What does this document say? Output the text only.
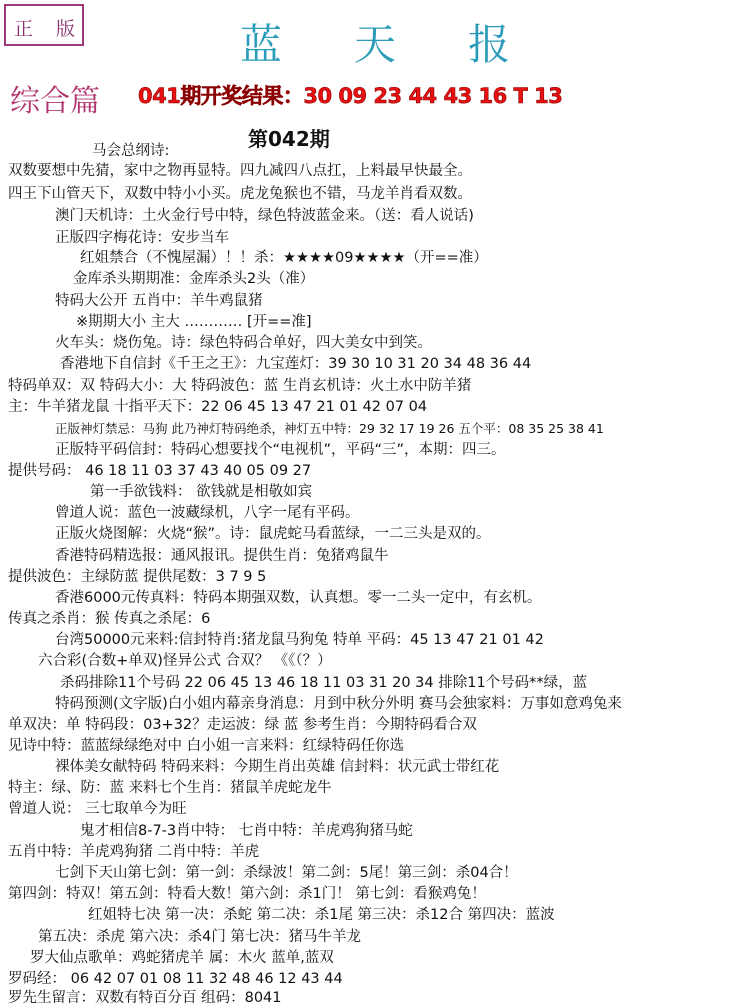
正 版	蓝 天 报
综合篇 041期开奖结果：30 09 23 44 43 16 T 13
马会总纲诗:	第042期
双数要想中先猜，家中之物再显特。四九减四八点扛，上料最早快最全。
四王下山管天下，双数中特小小买。虎龙兔猴也不错，马龙羊肖看双数。
澳门天机诗：土火金行号中特，绿色特波蓝金来。（送：看人说话)
正版四字梅花诗：安步当车
红姐禁合（不愧屋漏）！！杀：★★★★09★★★★（开==准）
金库杀头期期准：金库杀头2头（准）
特码大公开 五肖中：羊牛鸡鼠猪
※期期大小 主大 ………… [开==准]
火车头：烧伤兔。诗：绿色特码合单好，四大美女中到笑。
香港地下自信封《千王之王》：九宝莲灯：39 30 10 31 20 34 48 36 44
特码单双：双 特码大小：大 特码波色：蓝 生肖玄机诗：火土水中防羊猪
主：牛羊猪龙鼠 十指平天下：22 06 45 13 47 21 01 42 07 04
正版神灯禁忌：马狗 此乃神灯特码绝杀，神灯五中特：29 32 17 19 26 五个平：08 35 25 38 41
正版特平码信封：特码心想要找个“电视机”，平码“三”，本期：四三。
提供号码： 46 18 11 03 37 43 40 05 09 27
第一手欲钱料： 欲钱就是相敬如宾
曾道人说：蓝色一波藏绿机，八字一尾有平码。
正版火烧图解：火烧“猴”。诗：鼠虎蛇马看蓝绿，一二三头是双的。
香港特码精选报：通风报讯。提供生肖：兔猪鸡鼠牛
提供波色：主绿防蓝 提供尾数：3 7 9 5
香港6000元传真料：特码本期强双数，认真想。零一二头一定中，有玄机。
传真之杀肖：猴 传真之杀尾：6
台湾50000元来料:信封特肖:猪龙鼠马狗兔 特单 平码：45 13 47 21 01 42
六合彩(合数+单双)怪异公式 合双？ 《《（？）
杀码排除11个号码 22 06 45 13 46 18 11 03 31 20 34 排除11个号码**绿，蓝
特码预测(文字版)白小姐内幕亲身消息：月到中秋分外明 赛马会独家料：万事如意鸡兔来
单双决：单 特码段：03+32？走运波：绿 蓝 参考生肖：今期特码看合双
见诗中特：蓝蓝绿绿绝对中 白小姐一言来料：红绿特码任你选
裸体美女献特码 特码来料：今期生肖出英雄 信封料：状元武士带红花
特主：绿、防：蓝 来料七个生肖：猪鼠羊虎蛇龙牛
曾道人说： 三七取单今为旺
鬼才相信8-7-3肖中特： 七肖中特：羊虎鸡狗猪马蛇
五肖中特：羊虎鸡狗猪 二肖中特：羊虎
七剑下天山第七剑：第一剑：杀绿波！第二剑：5尾！第三剑：杀04合！
第四剑：特双！第五剑：特看大数！第六剑：杀1门！ 第七剑：看猴鸡兔！
红姐特七决 第一决：杀蛇 第二决：杀1尾 第三决：杀12合 第四决：蓝波
第五决：杀虎 第六决：杀4门 第七决：猪马牛羊龙
罗大仙点歌单：鸡蛇猪虎羊 属：木火 蓝单,蓝双
罗码经： 06 42 07 01 08 11 32 48 46 12 43 44
罗先生留言：双数有特百分百 组码：8041
